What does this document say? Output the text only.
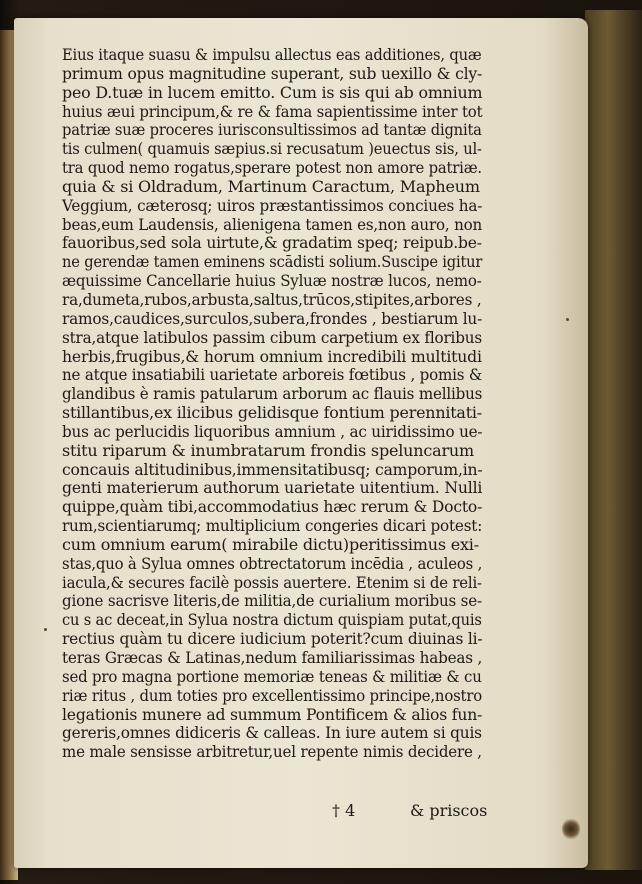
Eius itaque suasu & impulsu allectus eas additiones, quæ
primum opus magnitudine superant, sub uexillo & cly-
peo D.tuæ in lucem emitto. Cum is sis qui ab omnium
huius æui principum,& re & fama sapientissime inter tot
patriæ suæ proceres iurisconsultissimos ad tantæ dignita
tis culmen( quamuis sæpius.si recusatum )euectus sis, ul-
tra quod nemo rogatus,sperare potest non amore patriæ.
quia & si Oldradum, Martinum Caractum, Mapheum
Veggium, cæterosq; uiros præstantissimos conciues ha-
beas,eum Laudensis, alienigena tamen es,non auro, non
fauoribus,sed sola uirtute,& gradatim speq; reipub.be-
ne gerendæ tamen eminens scādisti solium.Suscipe igitur
æquissime Cancellarie huius Syluæ nostræ lucos, nemo-
ra,dumeta,rubos,arbusta,saltus,trūcos,stipites,arbores ,
ramos,caudices,surculos,subera,frondes , bestiarum lu-
stra,atque latibulos passim cibum carpetium ex floribus
herbis,frugibus,& horum omnium incredibili multitudi
ne atque insatiabili uarietate arboreis fœtibus , pomis &
glandibus è ramis patularum arborum ac flauis mellibus
stillantibus,ex ilicibus gelidisque fontium perennitati-
bus ac perlucidis liquoribus amnium , ac uiridissimo ue-
stitu riparum & inumbratarum frondis speluncarum
concauis altitudinibus,immensitatibusq; camporum,in-
genti materierum authorum uarietate uitentium. Nulli
quippe,quàm tibi,accommodatius hæc rerum & Docto-
rum,scientiarumq; multiplicium congeries dicari potest:
cum omnium earum( mirabile dictu)peritissimus exi-
stas,quo à Sylua omnes obtrectatorum incēdia , aculeos ,
iacula,& secures facilè possis auertere. Etenim si de reli-
gione sacrisve literis,de militia,de curialium moribus se-
cu s ac deceat,in Sylua nostra dictum quispiam putat,quis
rectius quàm tu dicere iudicium poterit?cum diuinas li-
teras Græcas & Latinas,nedum familiarissimas habeas ,
sed pro magna portione memoriæ teneas & militiæ & cu
riæ ritus , dum toties pro excellentissimo principe,nostro
legationis munere ad summum Pontificem & alios fun-
gereris,omnes didiceris & calleas. In iure autem si quis
me male sensisse arbitretur,uel repente nimis decidere ,
† 4	& priscos
